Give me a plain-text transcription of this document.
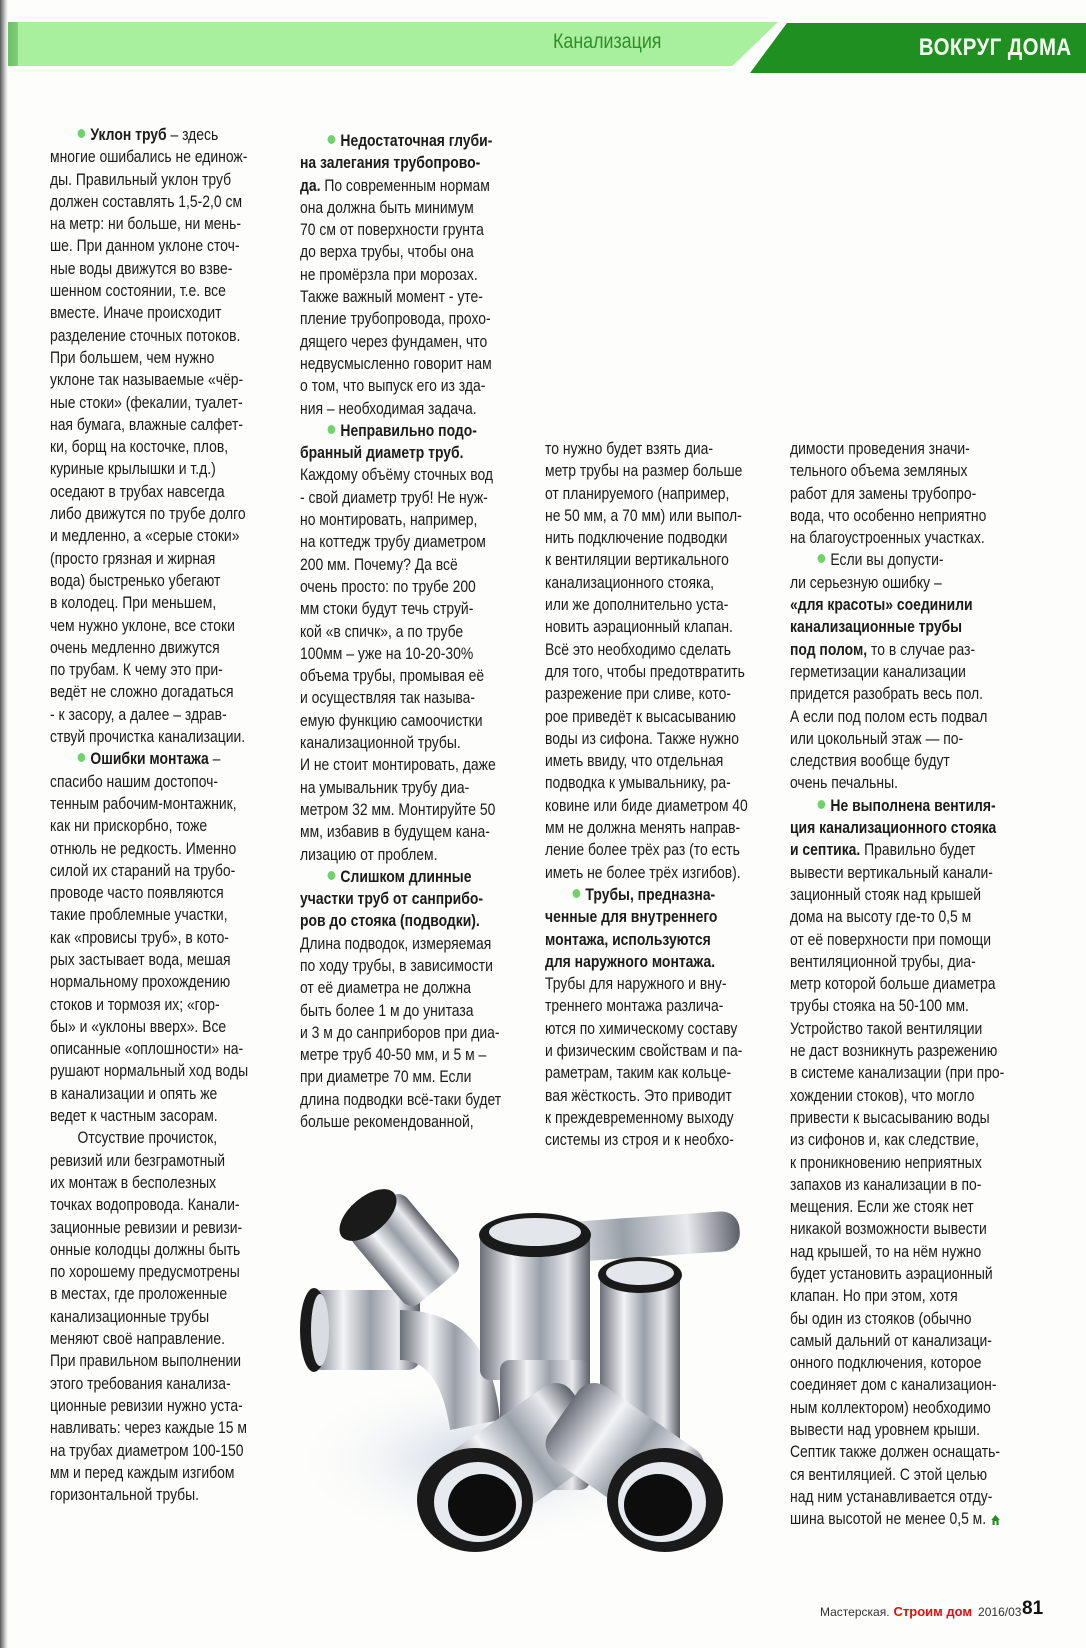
Канализация	ВОКРУГ ДОМА
Уклон труб – здесь
многие ошибались не единож-
ды. Правильный уклон труб
должен составлять 1,5-2,0 см
на метр: ни больше, ни мень-
ше. При данном уклоне сточ-
ные воды движутся во взве-
шенном состоянии, т.е. все
вместе. Иначе происходит
разделение сточных потоков.
При большем, чем нужно
уклоне так называемые «чёр-
ные стоки» (фекалии, туалет-
ная бумага, влажные салфет-
ки, борщ на косточке, плов,
куриные крылышки и т.д.)
оседают в трубах навсегда
либо движутся по трубе долго
и медленно, а «серые стоки»
(просто грязная и жирная
вода) быстренько убегают
в колодец. При меньшем,
чем нужно уклоне, все стоки
очень медленно движутся
по трубам. К чему это при-
ведёт не сложно догадаться
- к засору, а далее – здрав-
ствуй прочистка канализации.
Ошибки монтажа –
спасибо нашим достопоч-
тенным рабочим-монтажник,
как ни прискорбно, тоже
отнюль не редкость. Именно
силой их стараний на трубо-
проводе часто появляются
такие проблемные участки,
как «провисы труб», в кото-
рых застывает вода, мешая
нормальному прохождению
стоков и тормозя их; «гор-
бы» и «уклоны вверх». Все
описанные «оплошности» на-
рушают нормальный ход воды
в канализации и опять же
ведет к частным засорам.
Отсуствие прочисток,
ревизий или безграмотный
их монтаж в бесполезных
точках водопровода. Канали-
зационные ревизии и ревизи-
онные колодцы должны быть
по хорошему предусмотрены
в местах, где проложенные
канализационные трубы
меняют своё направление.
При правильном выполнении
этого требования канализа-
ционные ревизии нужно уста-
навливать: через каждые 15 м
на трубах диаметром 100-150
мм и перед каждым изгибом
горизонтальной трубы.
Недостаточная глуби-
на залегания трубопрово-
да. По современным нормам
она должна быть минимум
70 см от поверхности грунта
до верха трубы, чтобы она
не промёрзла при морозах.
Также важный момент - уте-
пление трубопровода, прохо-
дящего через фундамен, что
недвусмысленно говорит нам
о том, что выпуск его из зда-
ния – необходимая задача.
Неправильно подо-
бранный диаметр труб.
Каждому объёму сточных вод
- свой диаметр труб! Не нуж-
но монтировать, например,
на коттедж трубу диаметром
200 мм. Почему? Да всё
очень просто: по трубе 200
мм стоки будут течь струй-
кой «в спичк», а по трубе
100мм – уже на 10-20-30%
объема трубы, промывая её
и осуществляя так называ-
емую функцию самоочистки
канализационной трубы.
И не стоит монтировать, даже
на умывальник трубу диа-
метром 32 мм. Монтируйте 50
мм, избавив в будущем кана-
лизацию от проблем.
Слишком длинные
участки труб от санприбо-
ров до стояка (подводки).
Длина подводок, измеряемая
по ходу трубы, в зависимости
от её диаметра не должна
быть более 1 м до унитаза
и 3 м до санприборов при диа-
метре труб 40-50 мм, и 5 м –
при диаметре 70 мм. Если
длина подводки всё-таки будет
больше рекомендованной,
то нужно будет взять диа-
метр трубы на размер больше
от планируемого (например,
не 50 мм, а 70 мм) или выпол-
нить подключение подводки
к вентиляции вертикального
канализационного стояка,
или же дополнительно уста-
новить аэрационный клапан.
Всё это необходимо сделать
для того, чтобы предотвратить
разрежение при сливе, кото-
рое приведёт к высасыванию
воды из сифона. Также нужно
иметь ввиду, что отдельная
подводка к умывальнику, ра-
ковине или биде диаметром 40
мм не должна менять направ-
ление более трёх раз (то есть
иметь не более трёх изгибов).
Трубы, предназна-
ченные для внутреннего
монтажа, используются
для наружного монтажа.
Трубы для наружного и вну-
треннего монтажа различа-
ются по химическому составу
и физическим свойствам и па-
раметрам, таким как кольце-
вая жёсткость. Это приводит
к преждевременному выходу
системы из строя и к необхо-
димости проведения значи-
тельного объема земляных
работ для замены трубопро-
вода, что особенно неприятно
на благоустроенных участках.
Если вы допусти-
ли серьезную ошибку –
«для красоты» соединили
канализационные трубы
под полом, то в случае раз-
герметизации канализации
придется разобрать весь пол.
А если под полом есть подвал
или цокольный этаж — по-
следствия вообще будут
очень печальны.
Не выполнена вентиля-
ция канализационного стояка
и септика. Правильно будет
вывести вертикальный канали-
зационный стояк над крышей
дома на высоту где-то 0,5 м
от её поверхности при помощи
вентиляционной трубы, диа-
метр которой больше диаметра
трубы стояка на 50-100 мм.
Устройство такой вентиляции
не даст возникнуть разрежению
в системе канализации (при про-
хождении стоков), что могло
привести к высасыванию воды
из сифонов и, как следствие,
к проникновению неприятных
запахов из канализации в по-
мещения. Если же стояк нет
никакой возможности вывести
над крышей, то на нём нужно
будет установить аэрационный
клапан. Но при этом, хотя
бы один из стояков (обычно
самый дальний от канализаци-
онного подключения, которое
соединяет дом с канализацион-
ным коллектором) необходимо
вывести над уровнем крыши.
Септик также должен оснащать-
ся вентиляцией. С этой целью
над ним устанавливается отду-
шина высотой не менее 0,5 м.
Мастерская. Строим дом 2016/03 81
